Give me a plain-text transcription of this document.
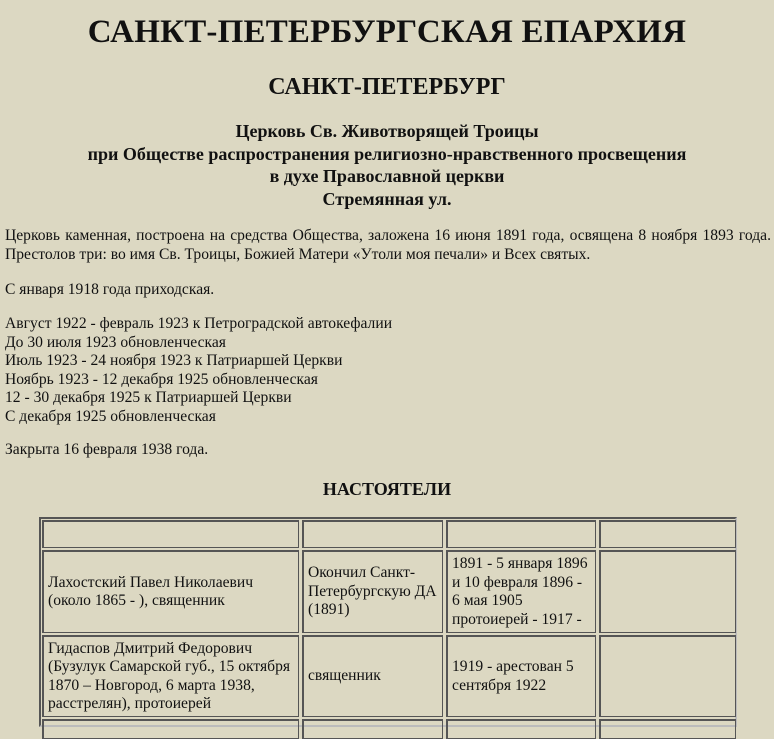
САНКТ-ПЕТЕРБУРГСКАЯ ЕПАРХИЯ
САНКТ-ПЕТЕРБУРГ
Церковь Св. Животворящей Троицы
при Обществе распространения религиозно-нравственного просвещения
в духе Православной церкви
Стремянная ул.
Церковь каменная, построена на средства Общества, заложена 16 июня 1891 года, освящена 8 ноября 1893 года. Престолов три: во имя Св. Троицы, Божией Матери «Утоли моя печали» и Всех святых.
С января 1918 года приходская.
Август 1922 - февраль 1923 к Петроградской автокефалии
До 30 июля 1923 обновленческая
Июль 1923 - 24 ноября 1923 к Патриаршей Церкви
Ноябрь 1923 - 12 декабря 1925 обновленческая
12 - 30 декабря 1925 к Патриаршей Церкви
С декабря 1925 обновленческая
Закрыта 16 февраля 1938 года.
НАСТОЯТЕЛИ
Лахостский Павел Николаевич (около 1865 - ), священник
Окончил Санкт-Петербургскую ДА (1891)
1891 - 5 января 1896 и 10 февраля 1896 - 6 мая 1905 протоиерей - 1917 -
Гидаспов Дмитрий Федорович (Бузулук Самарской губ., 15 октября 1870 – Новгород, 6 марта 1938, расстрелян), протоиерей
священник
1919 - арестован 5 сентября 1922
